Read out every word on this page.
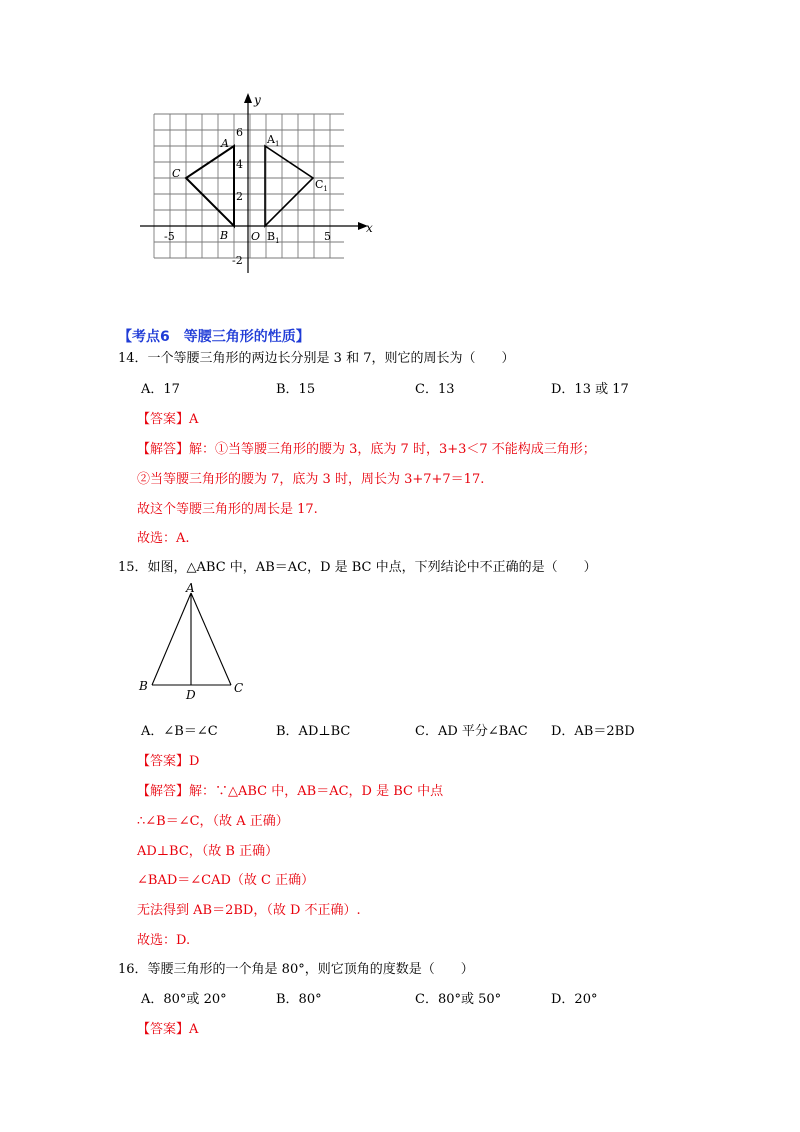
y
x
6
4
2
-2
-5	5
O
A
B
C
$A_1$
$B_1$
$C_1$
【考点6　等腰三角形的性质】
14．一个等腰三角形的两边长分别是 3 和 7，则它的周长为（　　）
A．17	B．15	C．13	D．13 或 17
【答案】A
【解答】解：①当等腰三角形的腰为 3，底为 7 时，3+3＜7 不能构成三角形；
②当等腰三角形的腰为 7，底为 3 时，周长为 3+7+7＝17.
故这个等腰三角形的周长是 17.
故选：A.
15．如图，△ABC 中，AB＝AC，D 是 BC 中点，下列结论中不正确的是（　　）
A
B	C
D
A．∠B＝∠C	B．AD⊥BC	C．AD 平分∠BAC D．AB＝2BD
【答案】D
【解答】解：∵△ABC 中，AB＝AC，D 是 BC 中点
∴∠B＝∠C，（故 A 正确）
AD⊥BC，（故 B 正确）
∠BAD＝∠CAD（故 C 正确）
无法得到 AB＝2BD，（故 D 不正确）.
故选：D.
16．等腰三角形的一个角是 80°，则它顶角的度数是（　　）
A．80°或 20°	B．80°	C．80°或 50°	D．20°
【答案】A
